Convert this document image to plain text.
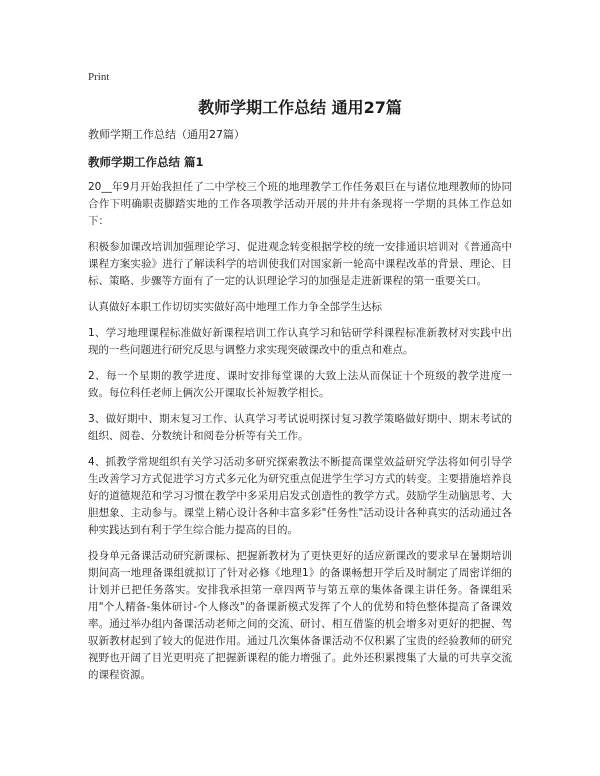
Print
教师学期工作总结 通用27篇
教师学期工作总结（通用27篇）
教师学期工作总结 篇1

20__年9月开始我担任了二中学校三个班的地理教学工作任务艰巨在与诸位地理教师的协同合作下明确职责脚踏实地的工作各项教学活动开展的井井有条现将一学期的具体工作总如下：

积极参加课改培训加强理论学习、促进观念转变根据学校的统一安排通识培训对《普通高中课程方案实验》进行了解读科学的培训使我们对国家新一轮高中课程改革的背景、理论、目标、策略、步骤等方面有了一定的认识理论学习的加强是走进新课程的第一重要关口。

认真做好本职工作切切实实做好高中地理工作力争全部学生达标

1、学习地理课程标准做好新课程培训工作认真学习和钻研学科课程标准新教材对实践中出现的一些问题进行研究反思与调整力求实现突破课改中的重点和难点。

2、每一个星期的教学进度、课时安排每堂课的大致上法从而保证十个班级的教学进度一致。每位科任老师上俩次公开课取长补短教学相长。

3、做好期中、期末复习工作、认真学习考试说明探讨复习教学策略做好期中、期末考试的组织、阅卷、分数统计和阅卷分析等有关工作。

4、抓教学常规组织有关学习活动多研究探索教法不断提高课堂效益研究学法将如何引导学生改善学习方式促进学习方式多元化为研究重点促进学生学习方式的转变。主要措施培养良好的道德规范和学习习惯在教学中多采用启发式创造性的教学方式。鼓励学生动脑思考、大胆想象、主动参与。课堂上精心设计各种丰富多彩"任务性"活动设计各种真实的活动通过各种实践达到有利于学生综合能力提高的目的。

投身单元备课活动研究新课标、把握新教材为了更快更好的适应新课改的要求早在暑期培训期间高一地理备课组就拟订了针对必修《地理1》的备课畅想开学后及时制定了周密详细的计划并已把任务落实。安排我承担第一章四两节与第五章的集体备课主讲任务。备课组采用"个人精备-集体研讨-个人修改"的备课新模式发挥了个人的优势和特色整体提高了备课效率。通过举办组内备课活动老师之间的交流、研讨、相互借鉴的机会增多对更好的把握、驾驭新教材起到了较大的促进作用。通过几次集体备课活动不仅积累了宝贵的经验教师的研究视野也开阔了目光更明亮了把握新课程的能力增强了。此外还积累搜集了大量的可共享交流的课程资源。
